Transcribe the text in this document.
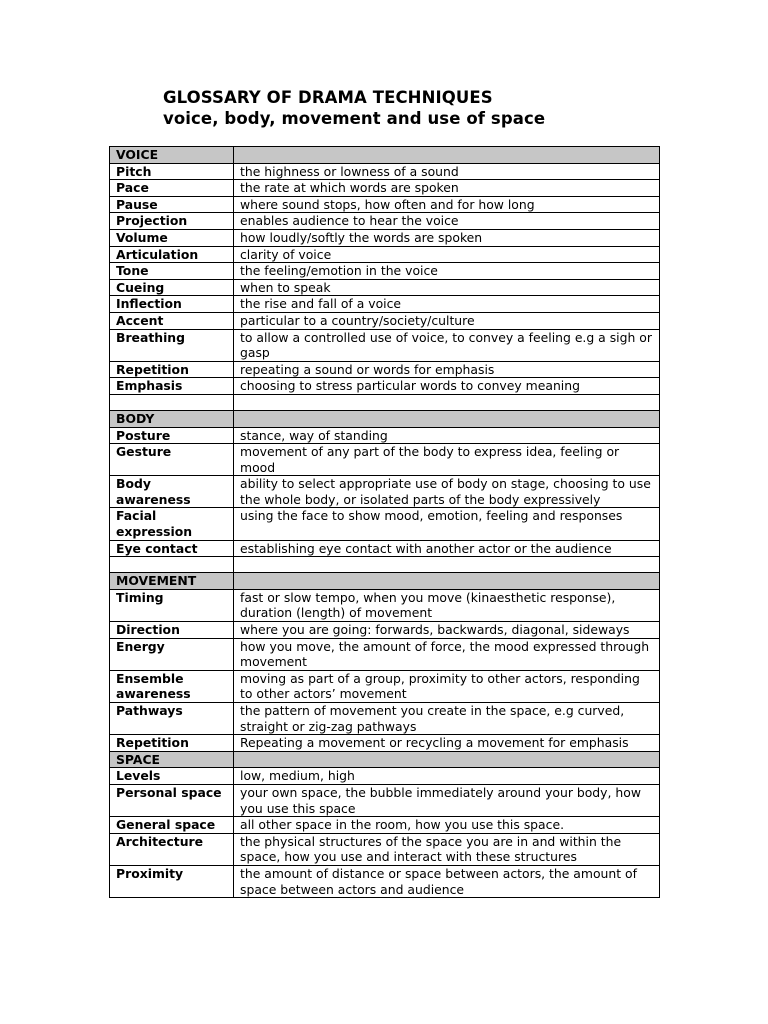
GLOSSARY OF DRAMA TECHNIQUES
voice, body, movement and use of space
VOICE	
Pitch	the highness or lowness of a sound
Pace	the rate at which words are spoken
Pause	where sound stops, how often and for how long
Projection	enables audience to hear the voice
Volume	how loudly/softly the words are spoken
Articulation	clarity of voice
Tone	the feeling/emotion in the voice
Cueing	when to speak
Inflection	the rise and fall of a voice
Accent	particular to a country/society/culture
Breathing	to allow a controlled use of voice, to convey a feeling e.g a sigh or gasp
Repetition	repeating a sound or words for emphasis
Emphasis	choosing to stress particular words to convey meaning

BODY	
Posture	stance, way of standing
Gesture	movement of any part of the body to express idea, feeling or mood
Body awareness	ability to select appropriate use of body on stage, choosing to use the whole body, or isolated parts of the body expressively
Facial expression	using the face to show mood, emotion, feeling and responses
Eye contact	establishing eye contact with another actor or the audience

MOVEMENT	
Timing	fast or slow tempo, when you move (kinaesthetic response), duration (length) of movement
Direction	where you are going: forwards, backwards, diagonal, sideways
Energy	how you move, the amount of force, the mood expressed through movement
Ensemble awareness	moving as part of a group, proximity to other actors, responding to other actors’ movement
Pathways	the pattern of movement you create in the space, e.g curved, straight or zig-zag pathways
Repetition	Repeating a movement or recycling a movement for emphasis
SPACE	
Levels	low, medium, high
Personal space	your own space, the bubble immediately around your body, how you use this space
General space	all other space in the room, how you use this space.
Architecture	the physical structures of the space you are in and within the space, how you use and interact with these structures
Proximity	the amount of distance or space between actors, the amount of space between actors and audience
